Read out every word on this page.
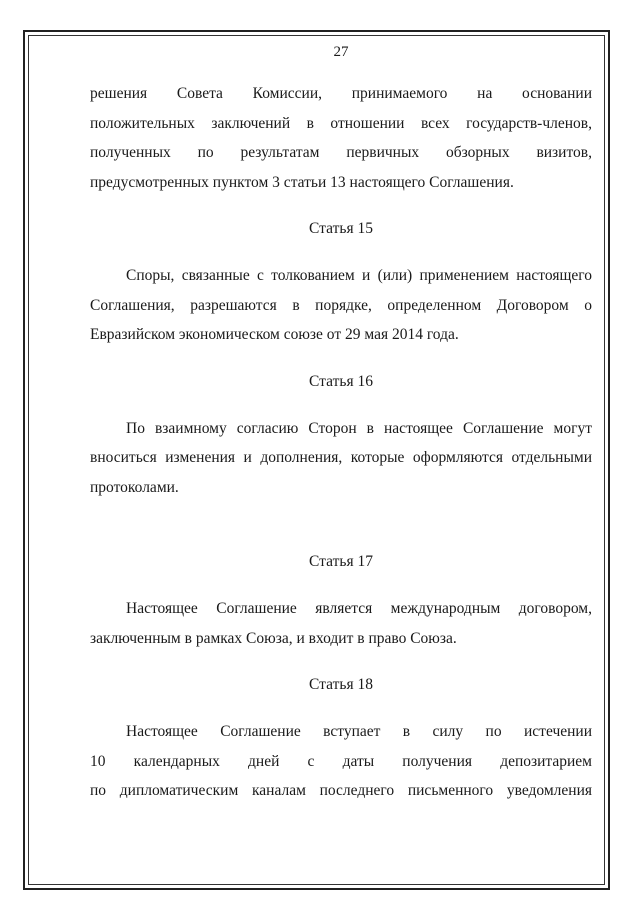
27
решения Совета Комиссии, принимаемого на основании
положительных заключений в отношении всех государств-членов,
полученных по результатам первичных обзорных визитов,
предусмотренных пунктом 3 статьи 13 настоящего Соглашения.
Статья 15
Споры, связанные с толкованием и (или) применением настоящего
Соглашения, разрешаются в порядке, определенном Договором о
Евразийском экономическом союзе от 29 мая 2014 года.
Статья 16
По взаимному согласию Сторон в настоящее Соглашение могут
вноситься изменения и дополнения, которые оформляются отдельными
протоколами.
Статья 17
Настоящее Соглашение является международным договором,
заключенным в рамках Союза, и входит в право Союза.
Статья 18
Настоящее Соглашение вступает в силу по истечении
10 календарных дней с даты получения депозитарием
по дипломатическим каналам последнего письменного уведомления
